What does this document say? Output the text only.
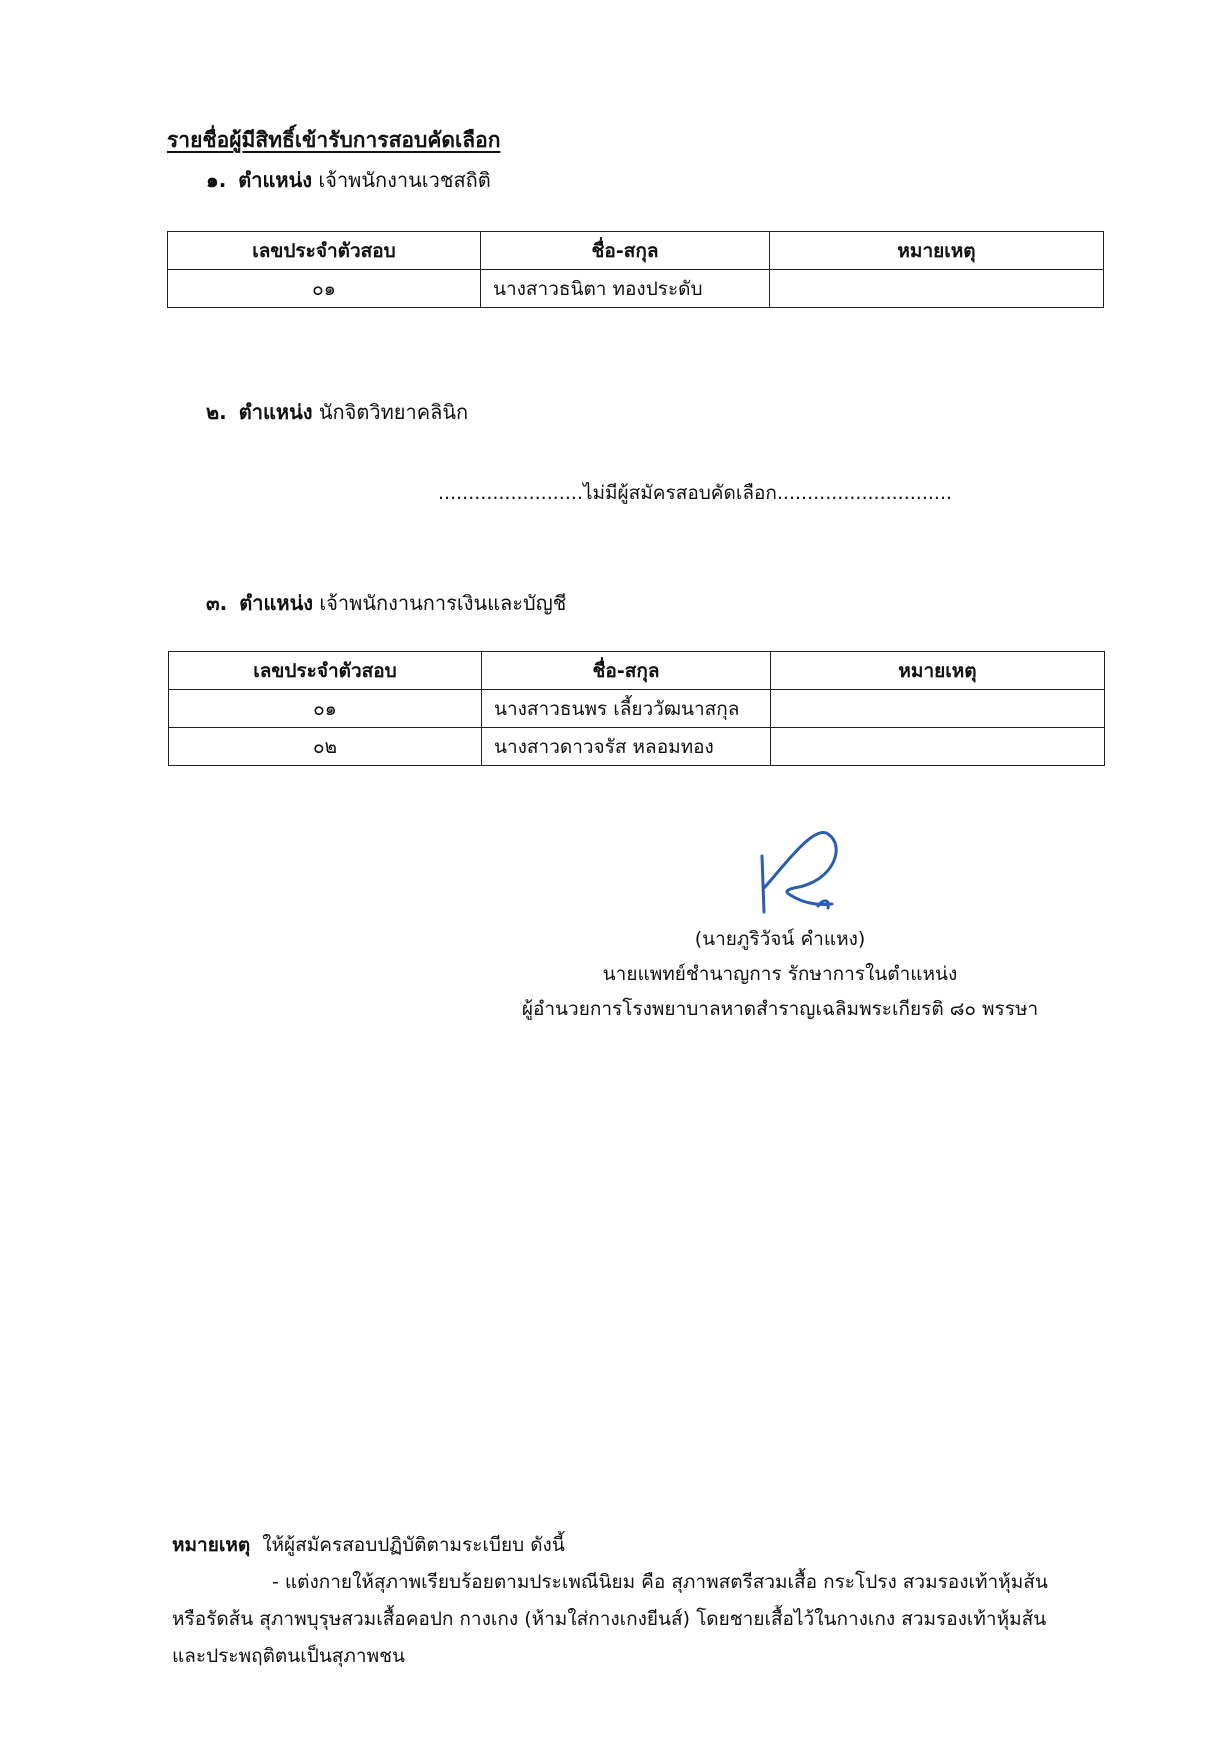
รายชื่อผู้มีสิทธิ์เข้ารับการสอบคัดเลือก
๑. ตำแหน่ง เจ้าพนักงานเวชสถิติ
เลขประจำตัวสอบ	ชื่อ-สกุล	หมายเหตุ
๐๑	นางสาวธนิตา ทองประดับ	
๒. ตำแหน่ง นักจิตวิทยาคลินิก
........................ไม่มีผู้สมัครสอบคัดเลือก.............................
๓. ตำแหน่ง เจ้าพนักงานการเงินและบัญชี
เลขประจำตัวสอบ	ชื่อ-สกุล	หมายเหตุ
๐๑	นางสาวธนพร เลี้ยววัฒนาสกุล	
๐๒	นางสาวดาวจรัส หลอมทอง	
(นายภูริวัจน์ คำแหง)
นายแพทย์ชำนาญการ รักษาการในตำแหน่ง
ผู้อำนวยการโรงพยาบาลหาดสำราญเฉลิมพระเกียรติ ๘๐ พรรษา
หมายเหตุ ให้ผู้สมัครสอบปฏิบัติตามระเบียบ ดังนี้
- แต่งกายให้สุภาพเรียบร้อยตามประเพณีนิยม คือ สุภาพสตรีสวมเสื้อ กระโปรง สวมรองเท้าหุ้มส้น
หรือรัดส้น สุภาพบุรุษสวมเสื้อคอปก กางเกง (ห้ามใส่กางเกงยีนส์) โดยชายเสื้อไว้ในกางเกง สวมรองเท้าหุ้มส้น
และประพฤติตนเป็นสุภาพชน
